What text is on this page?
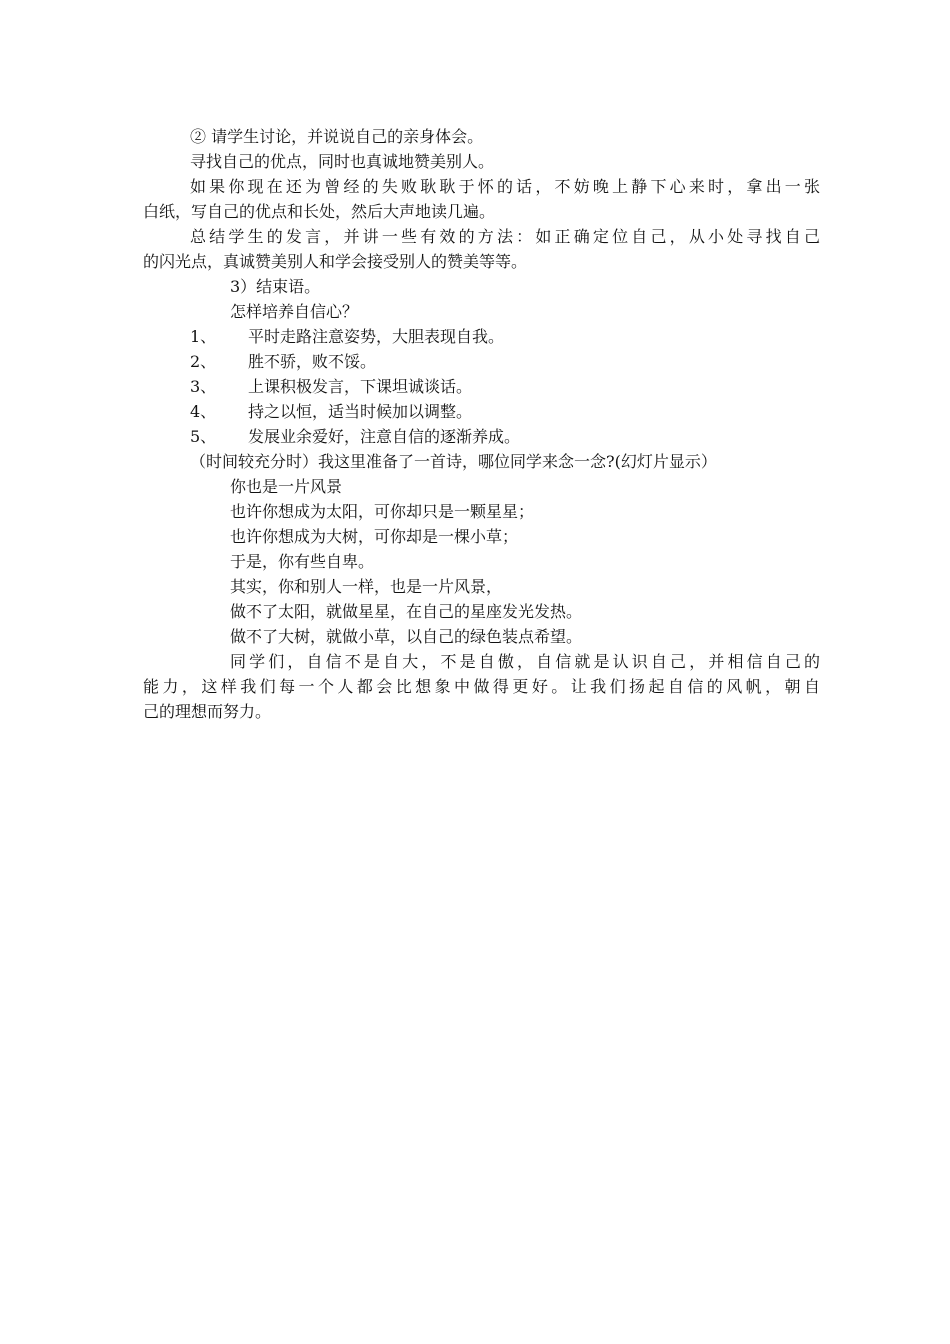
② 请学生讨论，并说说自己的亲身体会。

寻找自己的优点，同时也真诚地赞美别人。

如果你现在还为曾经的失败耿耿于怀的话，不妨晚上静下心来时，拿出一张

白纸，写自己的优点和长处，然后大声地读几遍。

总结学生的发言，并讲一些有效的方法：如正确定位自己，从小处寻找自己

的闪光点，真诚赞美别人和学会接受别人的赞美等等。

3）结束语。

怎样培养自信心？

1、 平时走路注意姿势，大胆表现自我。
2、 胜不骄，败不馁。
3、 上课积极发言，下课坦诚谈话。
4、 持之以恒，适当时候加以调整。
5、 发展业余爱好，注意自信的逐渐养成。

（时间较充分时）我这里准备了一首诗，哪位同学来念一念?(幻灯片显示）

你也是一片风景

也许你想成为太阳，可你却只是一颗星星；

也许你想成为大树，可你却是一棵小草；

于是，你有些自卑。

其实，你和别人一样，也是一片风景，

做不了太阳，就做星星，在自己的星座发光发热。

做不了大树，就做小草，以自己的绿色装点希望。

同学们，自信不是自大，不是自傲，自信就是认识自己，并相信自己的

能力，这样我们每一个人都会比想象中做得更好。让我们扬起自信的风帆，朝自

己的理想而努力。
